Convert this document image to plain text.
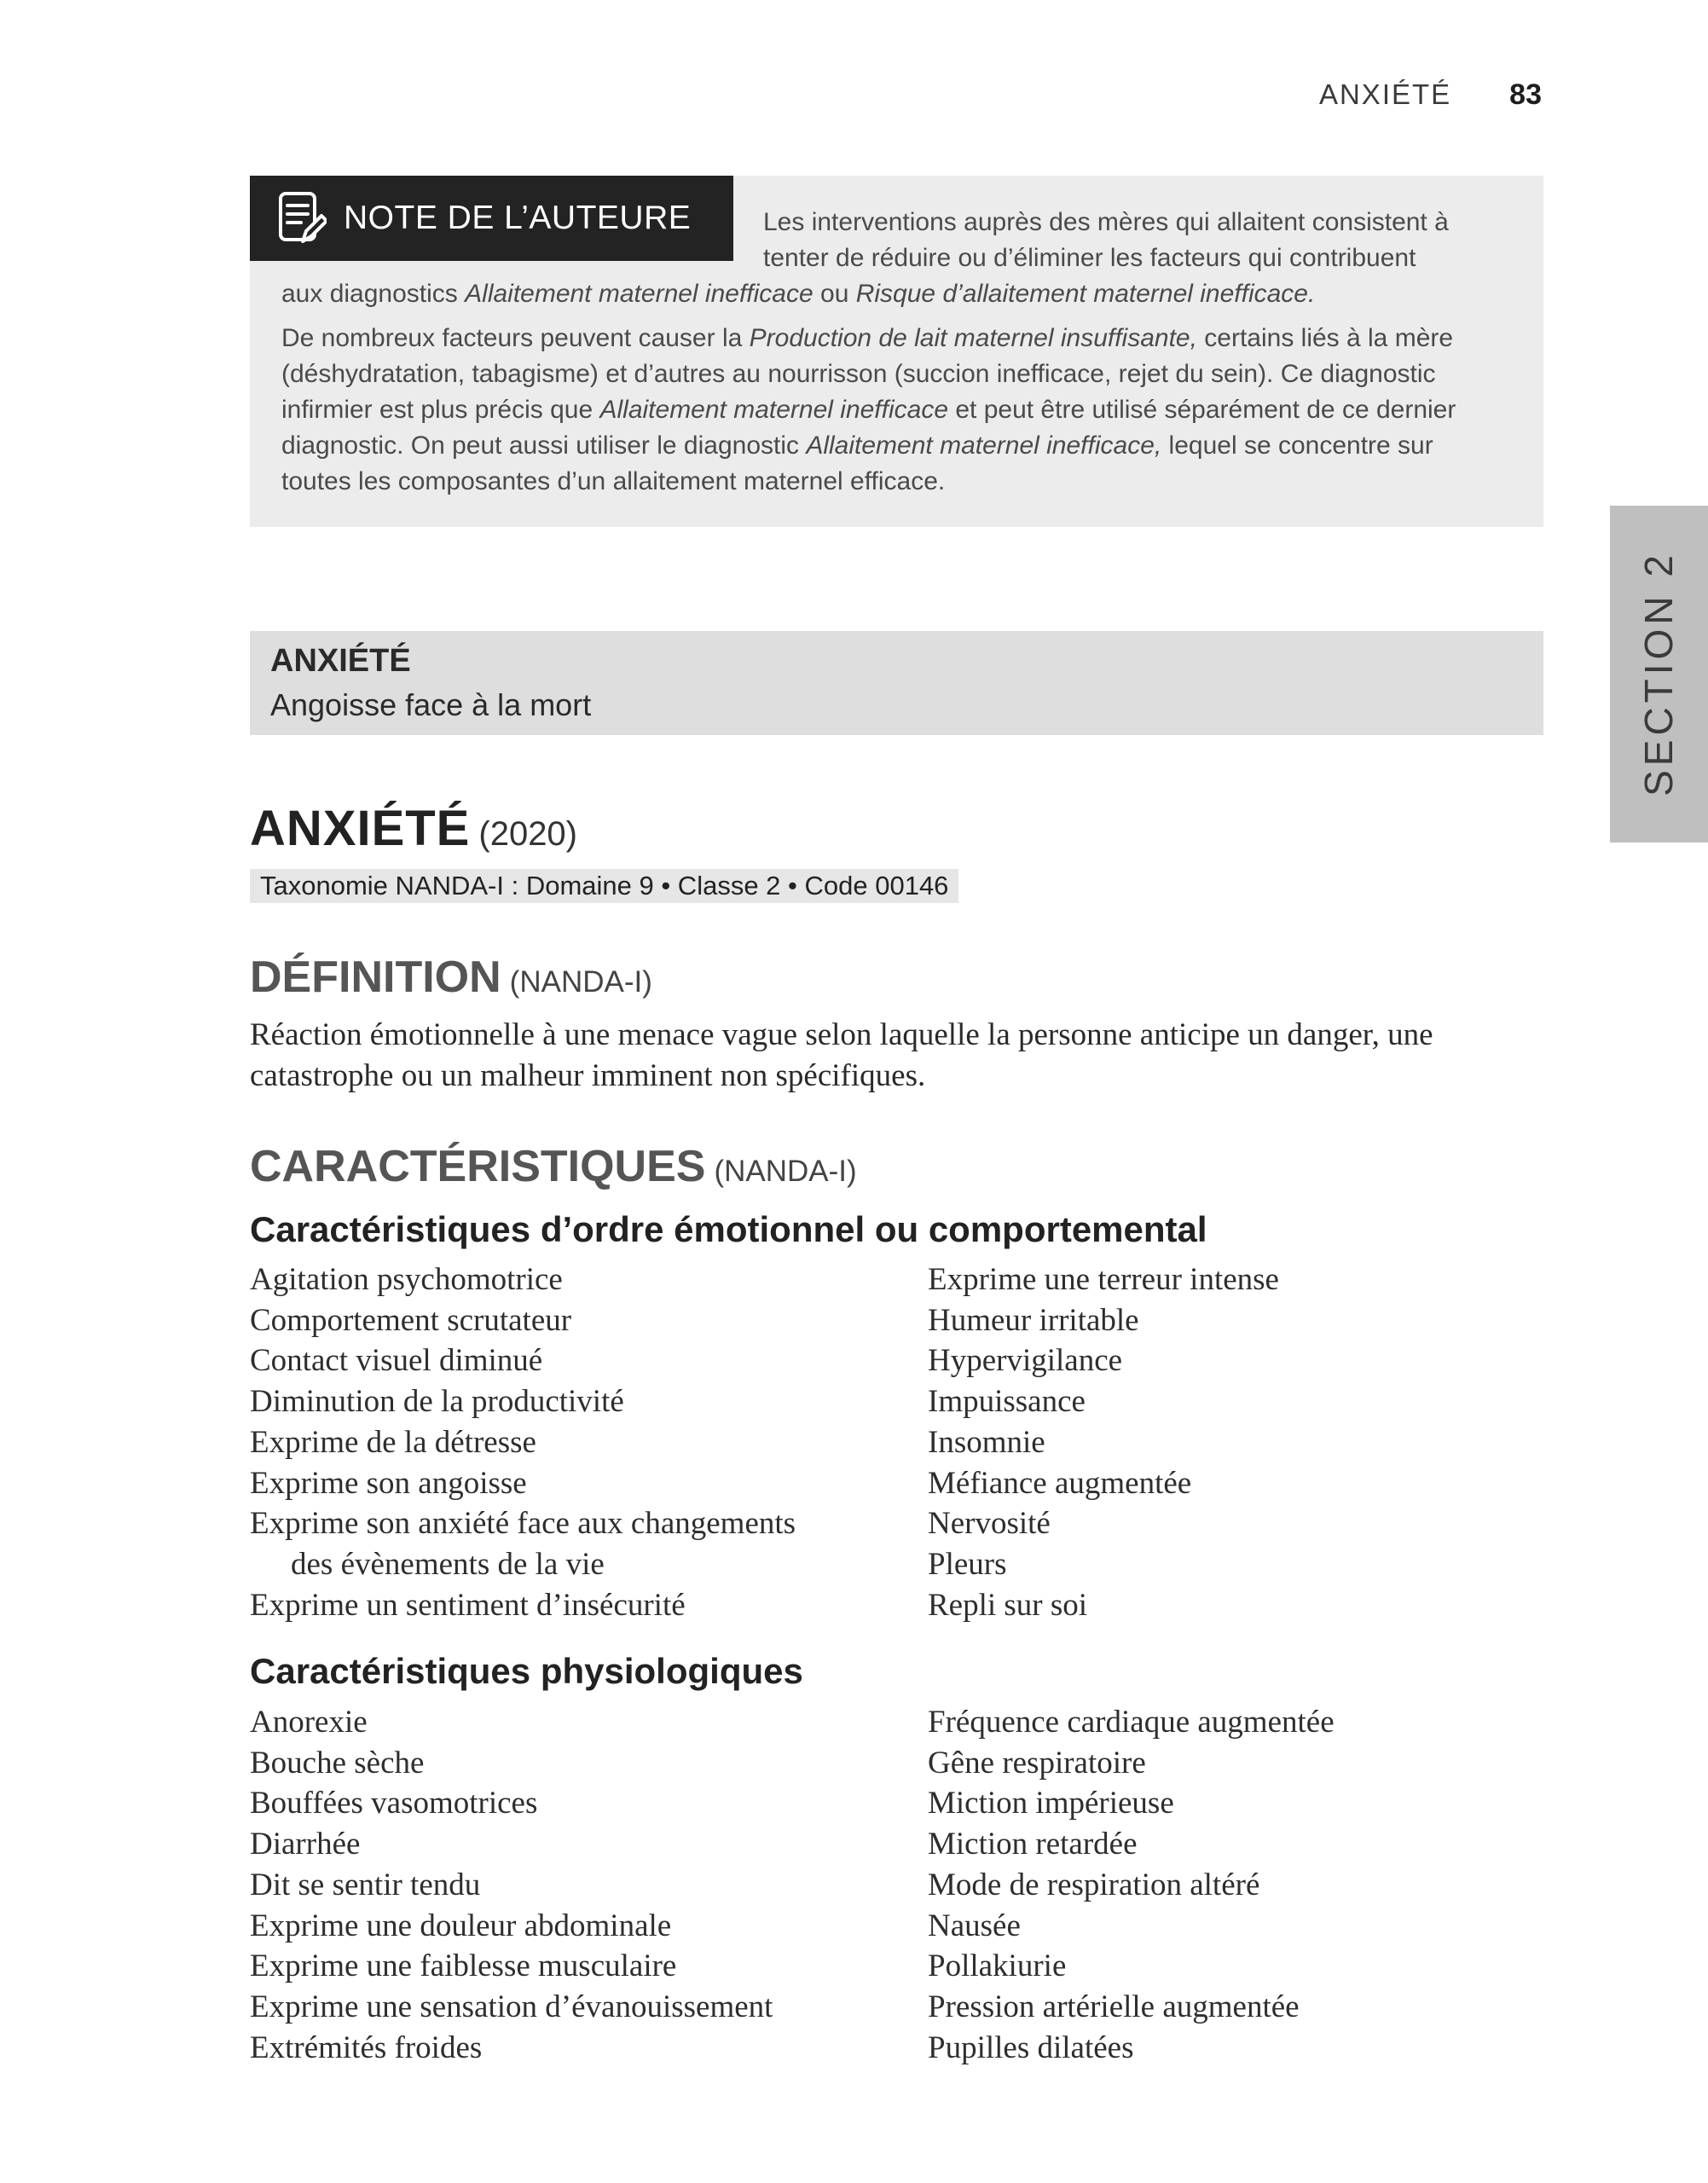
ANXIÉTÉ 83
NOTE DE L’AUTEURE	Les interventions auprès des mères qui allaitent consistent à
tenter de réduire ou d’éliminer les facteurs qui contribuent
aux diagnostics Allaitement maternel inefficace ou Risque d’allaitement maternel inefficace.
De nombreux facteurs peuvent causer la Production de lait maternel insuffisante, certains liés à la mère (déshydratation, tabagisme) et d’autres au nourrisson (succion inefficace, rejet du sein). Ce diagnostic infirmier est plus précis que Allaitement maternel inefficace et peut être utilisé séparément de ce dernier diagnostic. On peut aussi utiliser le diagnostic Allaitement maternel inefficace, lequel se concentre sur toutes les composantes d’un allaitement maternel efficace.
ANXIÉTÉ
Angoisse face à la mort	SECTION 2
ANXIÉTÉ (2020)
Taxonomie NANDA-I : Domaine 9 • Classe 2 • Code 00146
DÉFINITION (NANDA-I)
Réaction émotionnelle à une menace vague selon laquelle la personne anticipe un danger, une catastrophe ou un malheur imminent non spécifiques.
CARACTÉRISTIQUES (NANDA-I)
Caractéristiques d’ordre émotionnel ou comportemental
Agitation psychomotrice
Comportement scrutateur
Contact visuel diminué
Diminution de la productivité
Exprime de la détresse
Exprime son angoisse
Exprime son anxiété face aux changements
des évènements de la vie
Exprime un sentiment d’insécurité
Exprime une terreur intense
Humeur irritable
Hypervigilance
Impuissance
Insomnie
Méfiance augmentée
Nervosité
Pleurs
Repli sur soi
Caractéristiques physiologiques
Anorexie
Bouche sèche
Bouffées vasomotrices
Diarrhée
Dit se sentir tendu
Exprime une douleur abdominale
Exprime une faiblesse musculaire
Exprime une sensation d’évanouissement
Extrémités froides
Fréquence cardiaque augmentée
Gêne respiratoire
Miction impérieuse
Miction retardée
Mode de respiration altéré
Nausée
Pollakiurie
Pression artérielle augmentée
Pupilles dilatées
